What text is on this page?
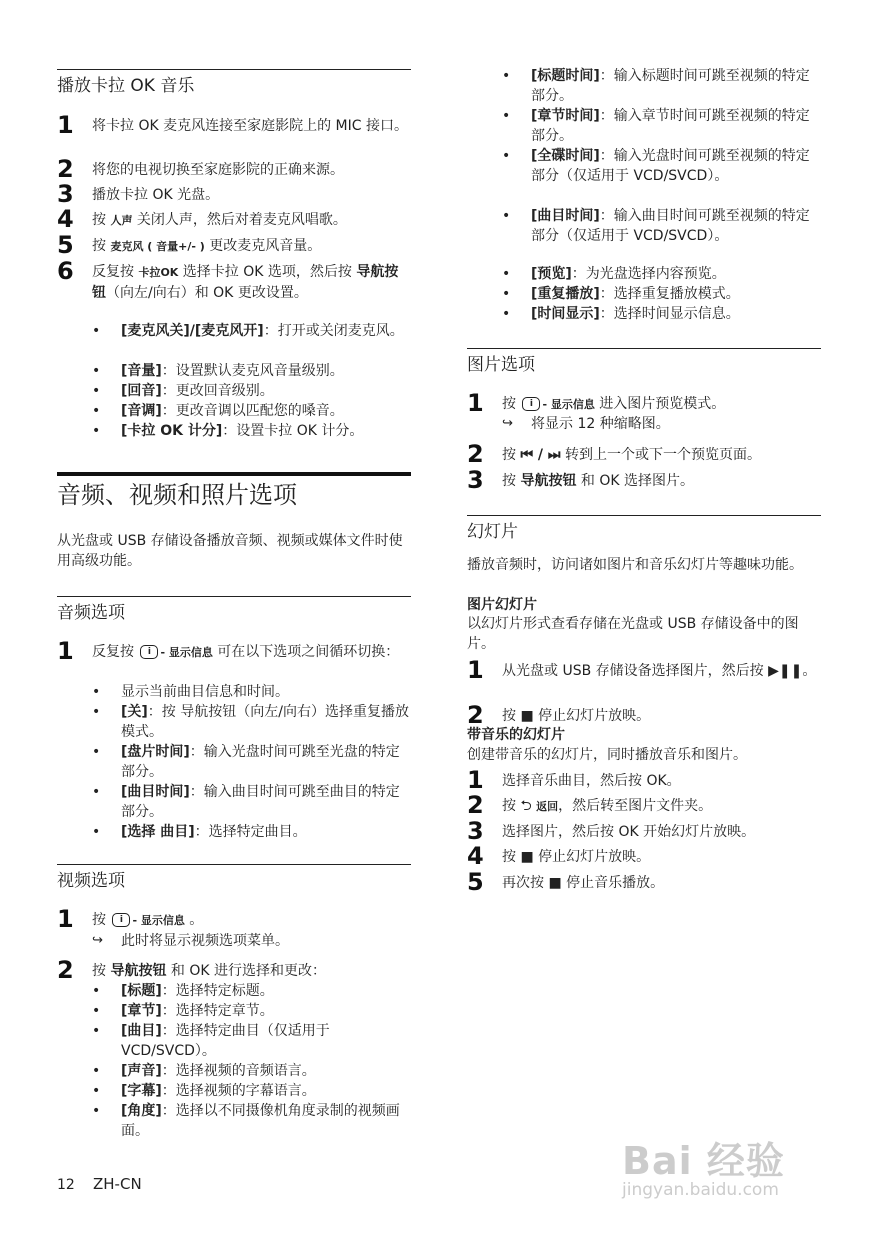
播放卡拉 OK 音乐
1 将卡拉 OK 麦克风连接至家庭影院上的 MIC 接口。
2 将您的电视切换至家庭影院的正确来源。
3 播放卡拉 OK 光盘。
4 按 人声 关闭人声，然后对着麦克风唱歌。
5 按 麦克风 ( 音量+/- ) 更改麦克风音量。
6 反复按 卡拉OK 选择卡拉 OK 选项，然后按 导航按钮（向左/向右）和 OK 更改设置。
• [麦克风关]/[麦克风开]：打开或关闭麦克风。
• [音量]：设置默认麦克风音量级别。
• [回音]：更改回音级别。
• [音调]：更改音调以匹配您的嗓音。
• [卡拉 OK 计分]：设置卡拉 OK 计分。
音频、视频和照片选项
从光盘或 USB 存储设备播放音频、视频或媒体文件时使用高级功能。
音频选项
1 反复按 i - 显示信息 可在以下选项之间循环切换：
• 显示当前曲目信息和时间。
• [关]：按 导航按钮（向左/向右）选择重复播放模式。
• [盘片时间]：输入光盘时间可跳至光盘的特定部分。
• [曲目时间]：输入曲目时间可跳至曲目的特定部分。
• [选择 曲目]：选择特定曲目。
视频选项
1 按 i - 显示信息 。
↪ 此时将显示视频选项菜单。
2 按 导航按钮 和 OK 进行选择和更改：
• [标题]：选择特定标题。
• [章节]：选择特定章节。
• [曲目]：选择特定曲目（仅适用于 VCD/SVCD）。
• [声音]：选择视频的音频语言。
• [字幕]：选择视频的字幕语言。
• [角度]：选择以不同摄像机角度录制的视频画面。
• [标题时间]：输入标题时间可跳至视频的特定部分。
• [章节时间]：输入章节时间可跳至视频的特定部分。
• [全碟时间]：输入光盘时间可跳至视频的特定部分（仅适用于 VCD/SVCD）。
• [曲目时间]：输入曲目时间可跳至视频的特定部分（仅适用于 VCD/SVCD）。
• [预览]：为光盘选择内容预览。
• [重复播放]：选择重复播放模式。
• [时间显示]：选择时间显示信息。
图片选项
1 按 i - 显示信息 进入图片预览模式。
↪ 将显示 12 种缩略图。
2 按 ⏮ / ⏭ 转到上一个或下一个预览页面。
3 按 导航按钮 和 OK 选择图片。
幻灯片
播放音频时，访问诸如图片和音乐幻灯片等趣味功能。
图片幻灯片
以幻灯片形式查看存储在光盘或 USB 存储设备中的图片。
1 从光盘或 USB 存储设备选择图片，然后按 ▶❚❚。
2 按 ■ 停止幻灯片放映。
带音乐的幻灯片
创建带音乐的幻灯片，同时播放音乐和图片。
1 选择音乐曲目，然后按 OK。
2 按 ⮌ 返回，然后转至图片文件夹。
3 选择图片，然后按 OK 开始幻灯片放映。
4 按 ■ 停止幻灯片放映。
5 再次按 ■ 停止音乐播放。
12 ZH-CN
Bai 经验
jingyan.baidu.com
